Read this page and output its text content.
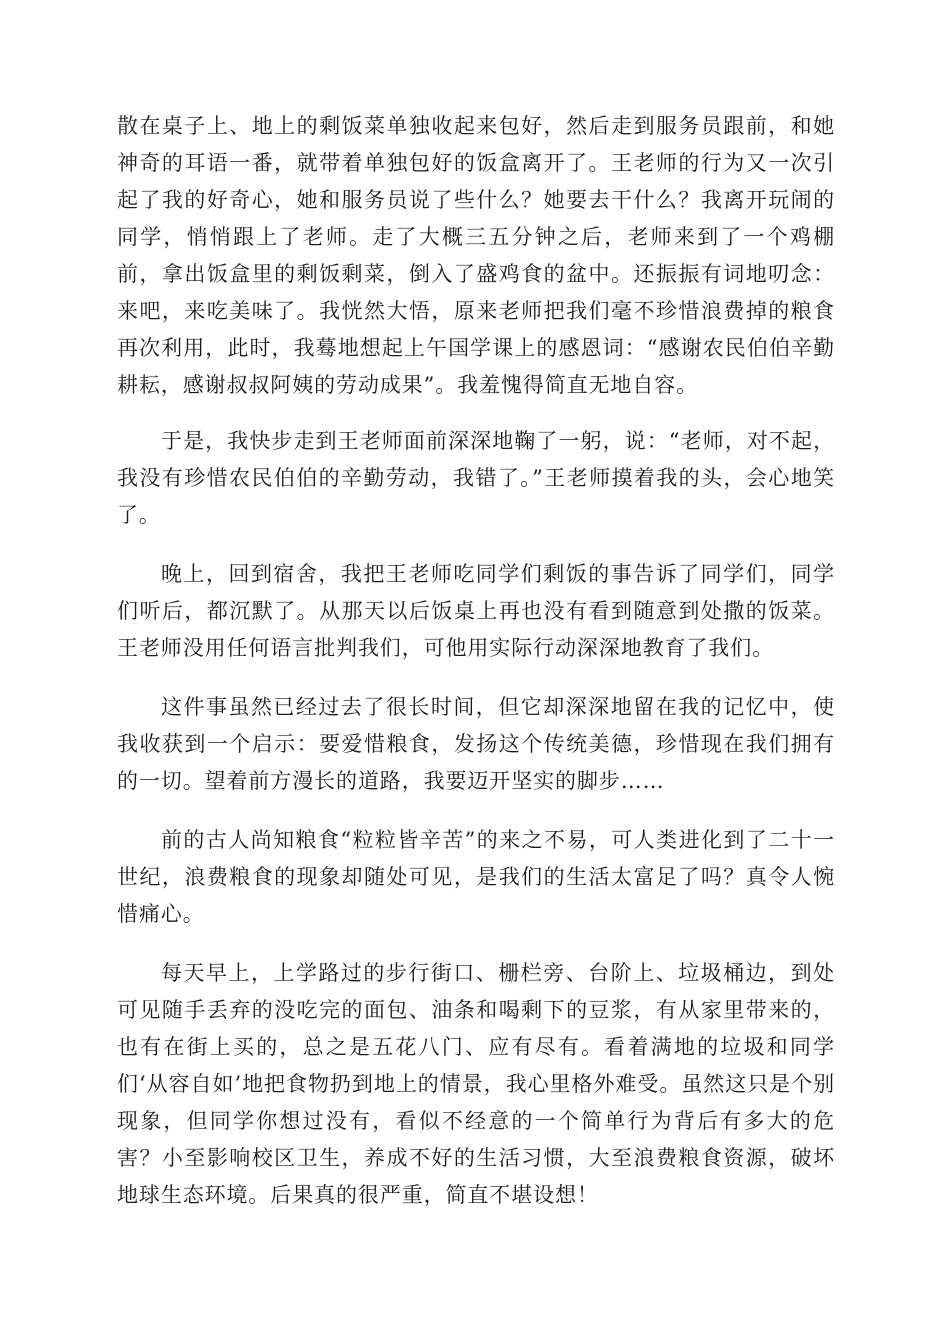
散在桌子上、地上的剩饭菜单独收起来包好，然后走到服务员跟前，和她神奇的耳语一番，就带着单独包好的饭盒离开了。王老师的行为又一次引起了我的好奇心，她和服务员说了些什么？她要去干什么？我离开玩闹的同学，悄悄跟上了老师。走了大概三五分钟之后，老师来到了一个鸡棚前，拿出饭盒里的剩饭剩菜，倒入了盛鸡食的盆中。还振振有词地叨念：来吧，来吃美味了。我恍然大悟，原来老师把我们毫不珍惜浪费掉的粮食再次利用，此时，我蓦地想起上午国学课上的感恩词：“感谢农民伯伯辛勤耕耘，感谢叔叔阿姨的劳动成果”。我羞愧得简直无地自容。

于是，我快步走到王老师面前深深地鞠了一躬，说：“老师，对不起，我没有珍惜农民伯伯的辛勤劳动，我错了。”王老师摸着我的头，会心地笑了。

晚上，回到宿舍，我把王老师吃同学们剩饭的事告诉了同学们，同学们听后，都沉默了。从那天以后饭桌上再也没有看到随意到处撒的饭菜。王老师没用任何语言批判我们，可他用实际行动深深地教育了我们。

这件事虽然已经过去了很长时间，但它却深深地留在我的记忆中，使我收获到一个启示：要爱惜粮食，发扬这个传统美德，珍惜现在我们拥有的一切。望着前方漫长的道路，我要迈开坚实的脚步……

前的古人尚知粮食“粒粒皆辛苦”的来之不易，可人类进化到了二十一世纪，浪费粮食的现象却随处可见，是我们的生活太富足了吗？真令人惋惜痛心。

每天早上，上学路过的步行街口、栅栏旁、台阶上、垃圾桶边，到处可见随手丢弃的没吃完的面包、油条和喝剩下的豆浆，有从家里带来的，也有在街上买的，总之是五花八门、应有尽有。看着满地的垃圾和同学们‘从容自如’地把食物扔到地上的情景，我心里格外难受。虽然这只是个别现象，但同学你想过没有，看似不经意的一个简单行为背后有多大的危害？小至影响校区卫生，养成不好的生活习惯，大至浪费粮食资源，破坏地球生态环境。后果真的很严重，简直不堪设想！
